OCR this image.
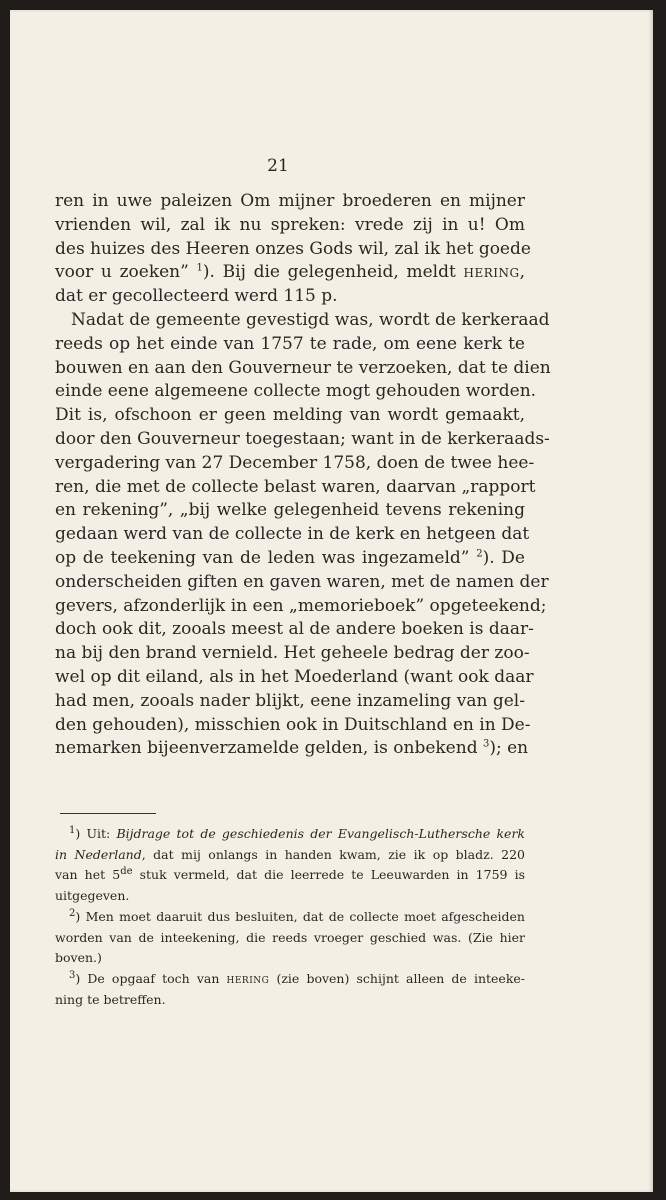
21
ren in uwe paleizen Om mijner broederen en mijner
vrienden wil, zal ik nu spreken: vrede zij in u! Om
des huizes des Heeren onzes Gods wil, zal ik het goede
voor u zoeken” $^1$). Bij die gelegenheid, meldt hering,
dat er gecollecteerd werd 115 p.
Nadat de gemeente gevestigd was, wordt de kerkeraad
reeds op het einde van 1757 te rade, om eene kerk te
bouwen en aan den Gouverneur te verzoeken, dat te dien
einde eene algemeene collecte mogt gehouden worden.
Dit is, ofschoon er geen melding van wordt gemaakt,
door den Gouverneur toegestaan; want in de kerkeraads-
vergadering van 27 December 1758, doen de twee hee-
ren, die met de collecte belast waren, daarvan „rapport
en rekening”, „bij welke gelegenheid tevens rekening
gedaan werd van de collecte in de kerk en hetgeen dat
op de teekening van de leden was ingezameld” $^2$). De
onderscheiden giften en gaven waren, met de namen der
gevers, afzonderlijk in een „memorieboek” opgeteekend;
doch ook dit, zooals meest al de andere boeken is daar-
na bij den brand vernield. Het geheele bedrag der zoo-
wel op dit eiland, als in het Moederland (want ook daar
had men, zooals nader blijkt, eene inzameling van gel-
den gehouden), misschien ook in Duitschland en in De-
nemarken bijeenverzamelde gelden, is onbekend $^3$); en
$^1$) Uit: Bijdrage tot de geschiedenis der Evangelisch-Luthersche kerk
in Nederland, dat mij onlangs in handen kwam, zie ik op bladz. 220
van het 5de stuk vermeld, dat die leerrede te Leeuwarden in 1759 is
uitgegeven.
$^2$) Men moet daaruit dus besluiten, dat de collecte moet afgescheiden
worden van de inteekening, die reeds vroeger geschied was. (Zie hier
boven.)
$^3$) De opgaaf toch van hering (zie boven) schijnt alleen de inteeke-
ning te betreffen.
